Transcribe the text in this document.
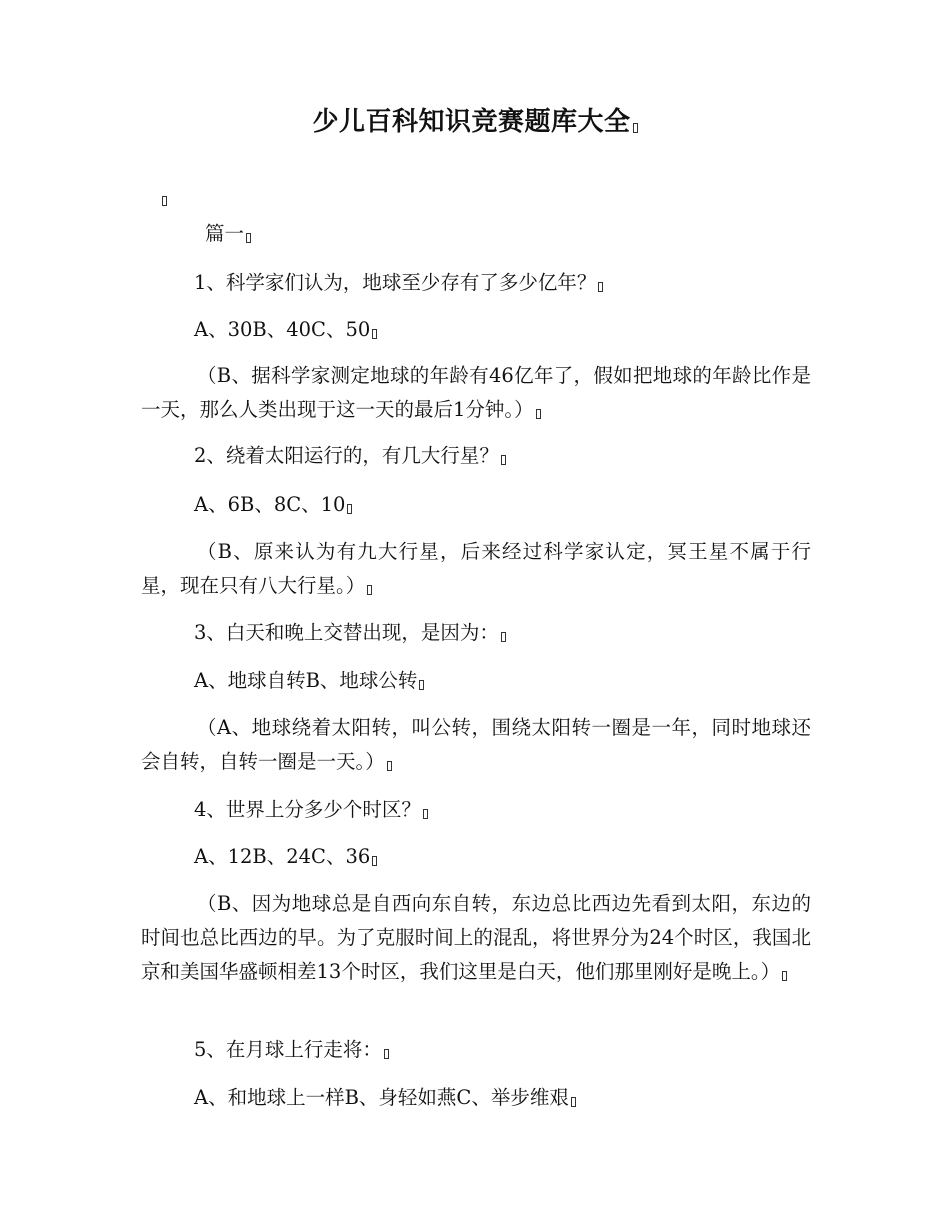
少儿百科知识竞赛题库大全
篇一
1、科学家们认为，地球至少存有了多少亿年？
A、30B、40C、50
（B、据科学家测定地球的年龄有46亿年了，假如把地球的年龄比作是一天，那么人类出现于这一天的最后1分钟。）
2、绕着太阳运行的，有几大行星？
A、6B、8C、10
（B、原来认为有九大行星，后来经过科学家认定，冥王星不属于行星，现在只有八大行星。）
3、白天和晚上交替出现，是因为：
A、地球自转B、地球公转
（A、地球绕着太阳转，叫公转，围绕太阳转一圈是一年，同时地球还会自转，自转一圈是一天。）
4、世界上分多少个时区？
A、12B、24C、36
（B、因为地球总是自西向东自转，东边总比西边先看到太阳，东边的时间也总比西边的早。为了克服时间上的混乱，将世界分为24个时区，我国北京和美国华盛顿相差13个时区，我们这里是白天，他们那里刚好是晚上。）
5、在月球上行走将：
A、和地球上一样B、身轻如燕C、举步维艰
